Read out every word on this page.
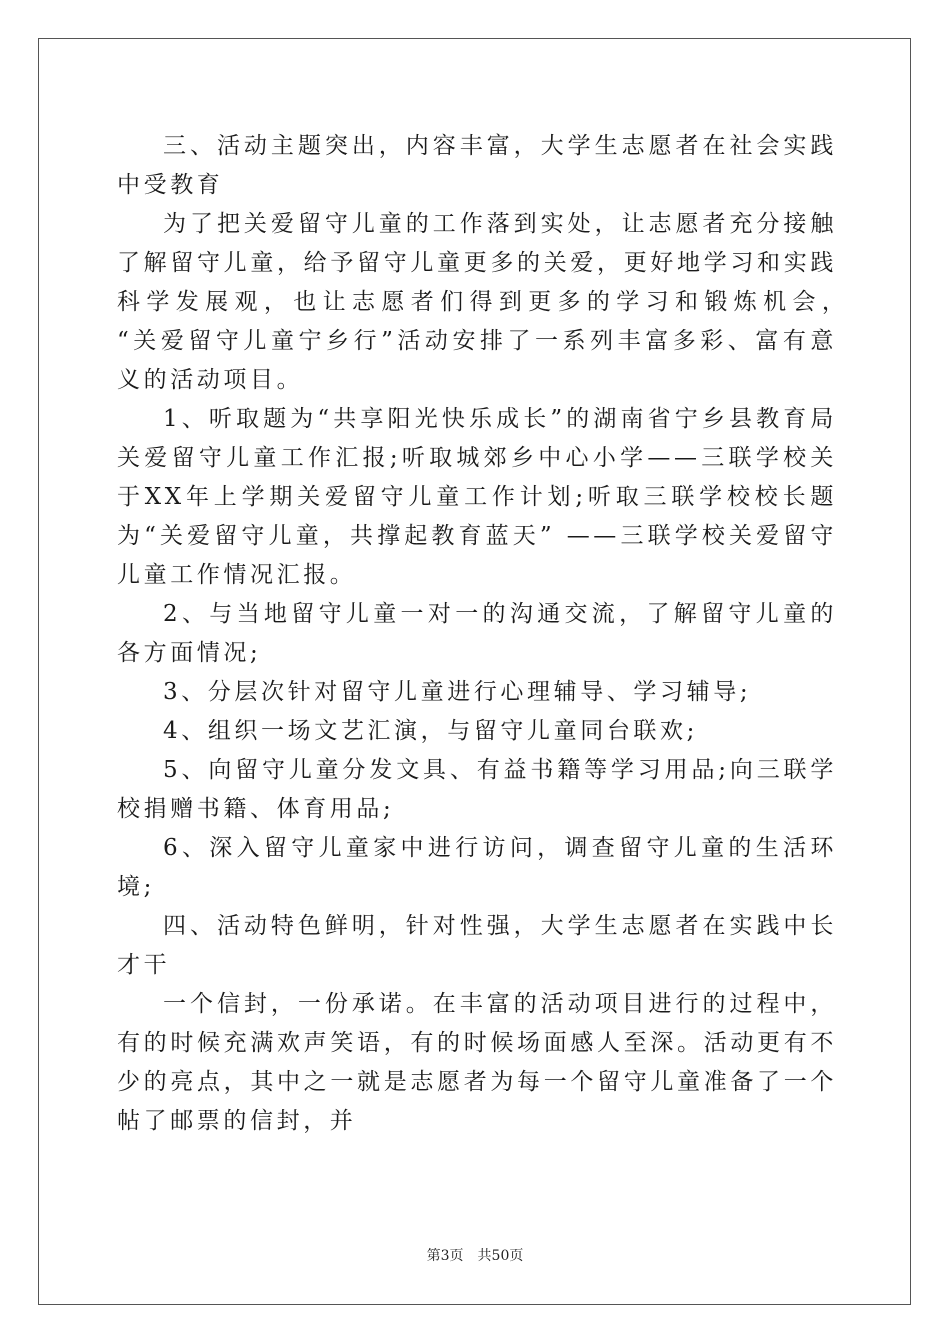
三、活动主题突出，内容丰富，大学生志愿者在社会实践中受教育

为了把关爱留守儿童的工作落到实处，让志愿者充分接触了解留守儿童，给予留守儿童更多的关爱，更好地学习和实践科学发展观，也让志愿者们得到更多的学习和锻炼机会，　“关爱留守儿童宁乡行”活动安排了一系列丰富多彩、富有意义的活动项目。

1、听取题为“共享阳光快乐成长”的湖南省宁乡县教育局关爱留守儿童工作汇报;听取城郊乡中心小学——三联学校关于XX年上学期关爱留守儿童工作计划;听取三联学校校长题为“关爱留守儿童，共撑起教育蓝天” ——三联学校关爱留守儿童工作情况汇报。

2、与当地留守儿童一对一的沟通交流，了解留守儿童的各方面情况;

3、分层次针对留守儿童进行心理辅导、学习辅导;

4、组织一场文艺汇演，与留守儿童同台联欢;

5、向留守儿童分发文具、有益书籍等学习用品;向三联学校捐赠书籍、体育用品;

6、深入留守儿童家中进行访问，调查留守儿童的生活环境;

四、活动特色鲜明，针对性强，大学生志愿者在实践中长才干

一个信封，一份承诺。在丰富的活动项目进行的过程中，有的时候充满欢声笑语，有的时候场面感人至深。活动更有不少的亮点，其中之一就是志愿者为每一个留守儿童准备了一个帖了邮票的信封，并

第3页　共50页
